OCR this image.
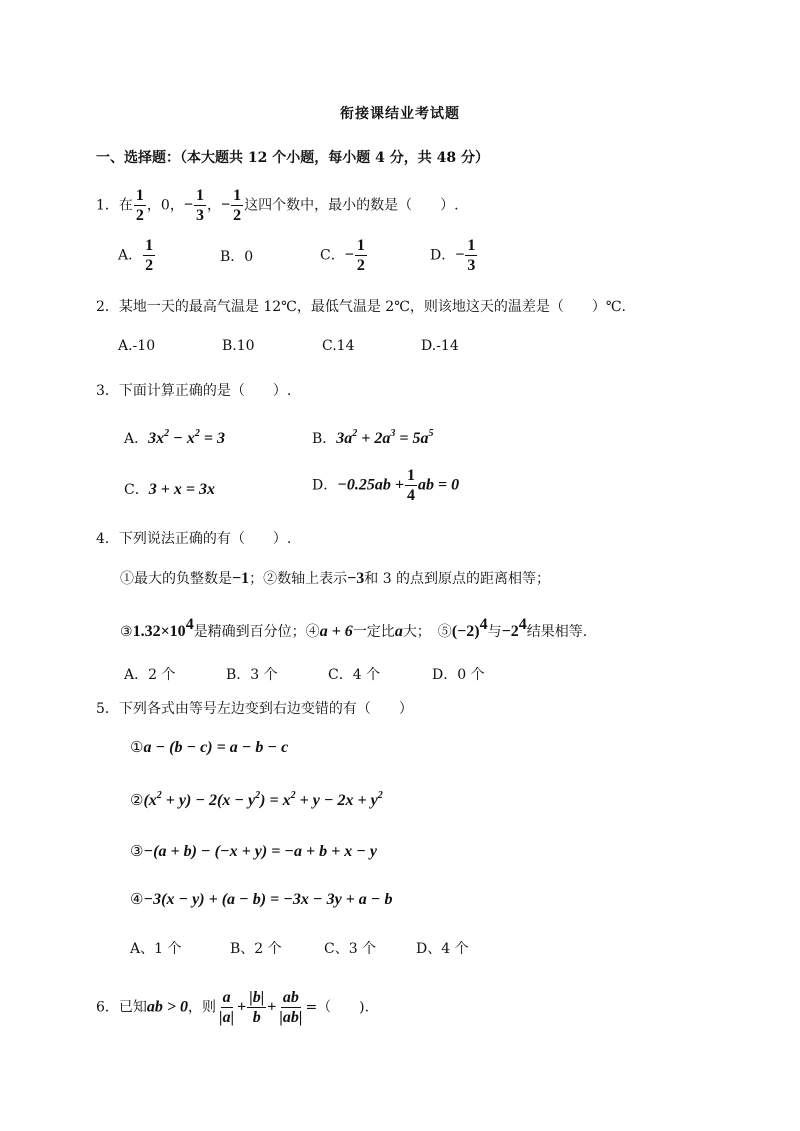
衔接课结业考试题
一、选择题：（本大题共 12 个小题，每小题 4 分，共 48 分）
1．在 $\frac{1}{2}$ ，0，− $\frac{1}{3}$ ，− $\frac{1}{2}$ 这四个数中，最小的数是（　　）.
A． $\frac{1}{2}$	B．0	C．− $\frac{1}{2}$	D．− $\frac{1}{3}$
2．某地一天的最高气温是 12℃，最低气温是 2℃，则该地这天的温差是（　　）℃.
A.-10	B.10	C.14	D.-14
3．下面计算正确的是（　　）.
A．$3x^2 - x^2 = 3$	B．$3a^2 + 2a^3 = 5a^5$
C．3 + x = 3x	D．$-0.25ab + \frac{1}{4}$ ab = 0
4．下列说法正确的有（　　）.
①最大的负整数是−1；②数轴上表示−3和 3 的点到原点的距离相等；
$③1.32\times 10^4$是精确到百分位；④a + 6一定比a大；　$⑤(-2)^4$与$-2^4$结果相等.
A．2 个	B．3 个	C．4 个	D．0 个
5．下列各式由等号左边变到右边变错的有（　　）
①a − (b − c) = a − b − c
$②(x^2 + y) - 2(x - y^2) = x^2 + y - 2x + y^2$
③−(a + b) − (−x + y) = −a + b + x − y
④−3(x − y) + (a − b) = −3x − 3y + a − b
A、1 个	B、2 个	C、3 个	D、4 个
6．已知ab > 0，则 $\frac{a}{|a|} + \frac{|b|}{b} + \frac{ab}{|ab|}$ =（　　).
